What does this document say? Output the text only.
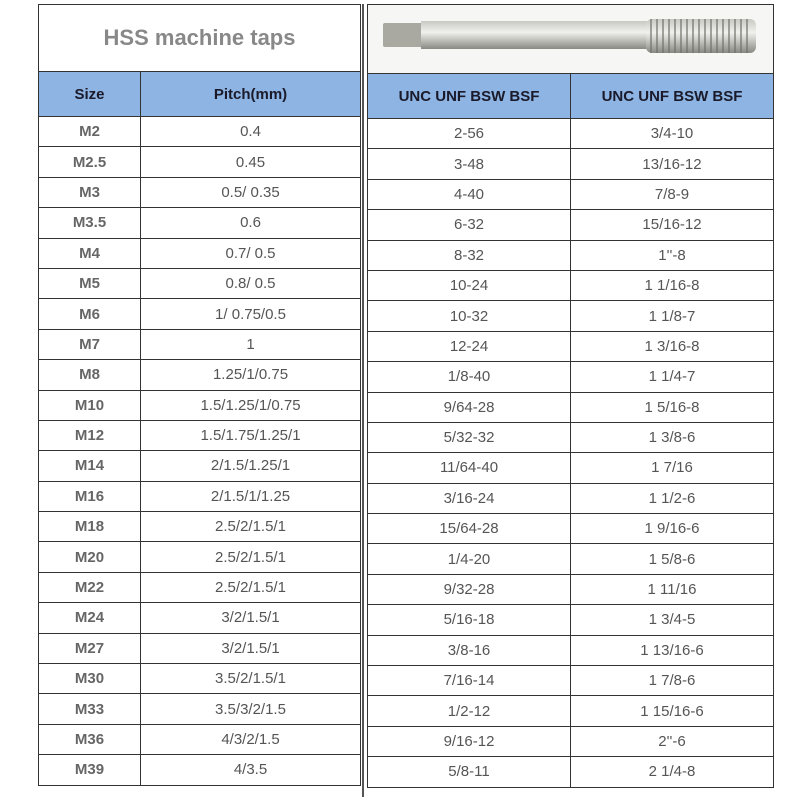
HSS machine taps	
Size	Pitch(mm)
M2	0.4
M2.5	0.45
M3	0.5/ 0.35
M3.5	0.6
M4	0.7/ 0.5
M5	0.8/ 0.5
M6	1/ 0.75/0.5
M7	1
M8	1.25/1/0.75
M10	1.5/1.25/1/0.75
M12	1.5/1.75/1.25/1
M14	2/1.5/1.25/1
M16	2/1.5/1/1.25
M18	2.5/2/1.5/1
M20	2.5/2/1.5/1
M22	2.5/2/1.5/1
M24	3/2/1.5/1
M27	3/2/1.5/1
M30	3.5/2/1.5/1
M33	3.5/3/2/1.5
M36	4/3/2/1.5
M39	4/3.5

UNC UNF BSW BSF	UNC UNF BSW BSF
2-56	3/4-10
3-48	13/16-12
4-40	7/8-9
6-32	15/16-12
8-32	1''-8
10-24	1 1/16-8
10-32	1 1/8-7
12-24	1 3/16-8
1/8-40	1 1/4-7
9/64-28	1 5/16-8
5/32-32	1 3/8-6
11/64-40	1 7/16
3/16-24	1 1/2-6
15/64-28	1 9/16-6
1/4-20	1 5/8-6
9/32-28	1 11/16
5/16-18	1 3/4-5
3/8-16	1 13/16-6
7/16-14	1 7/8-6
1/2-12	1 15/16-6
9/16-12	2''-6
5/8-11	2 1/4-8
